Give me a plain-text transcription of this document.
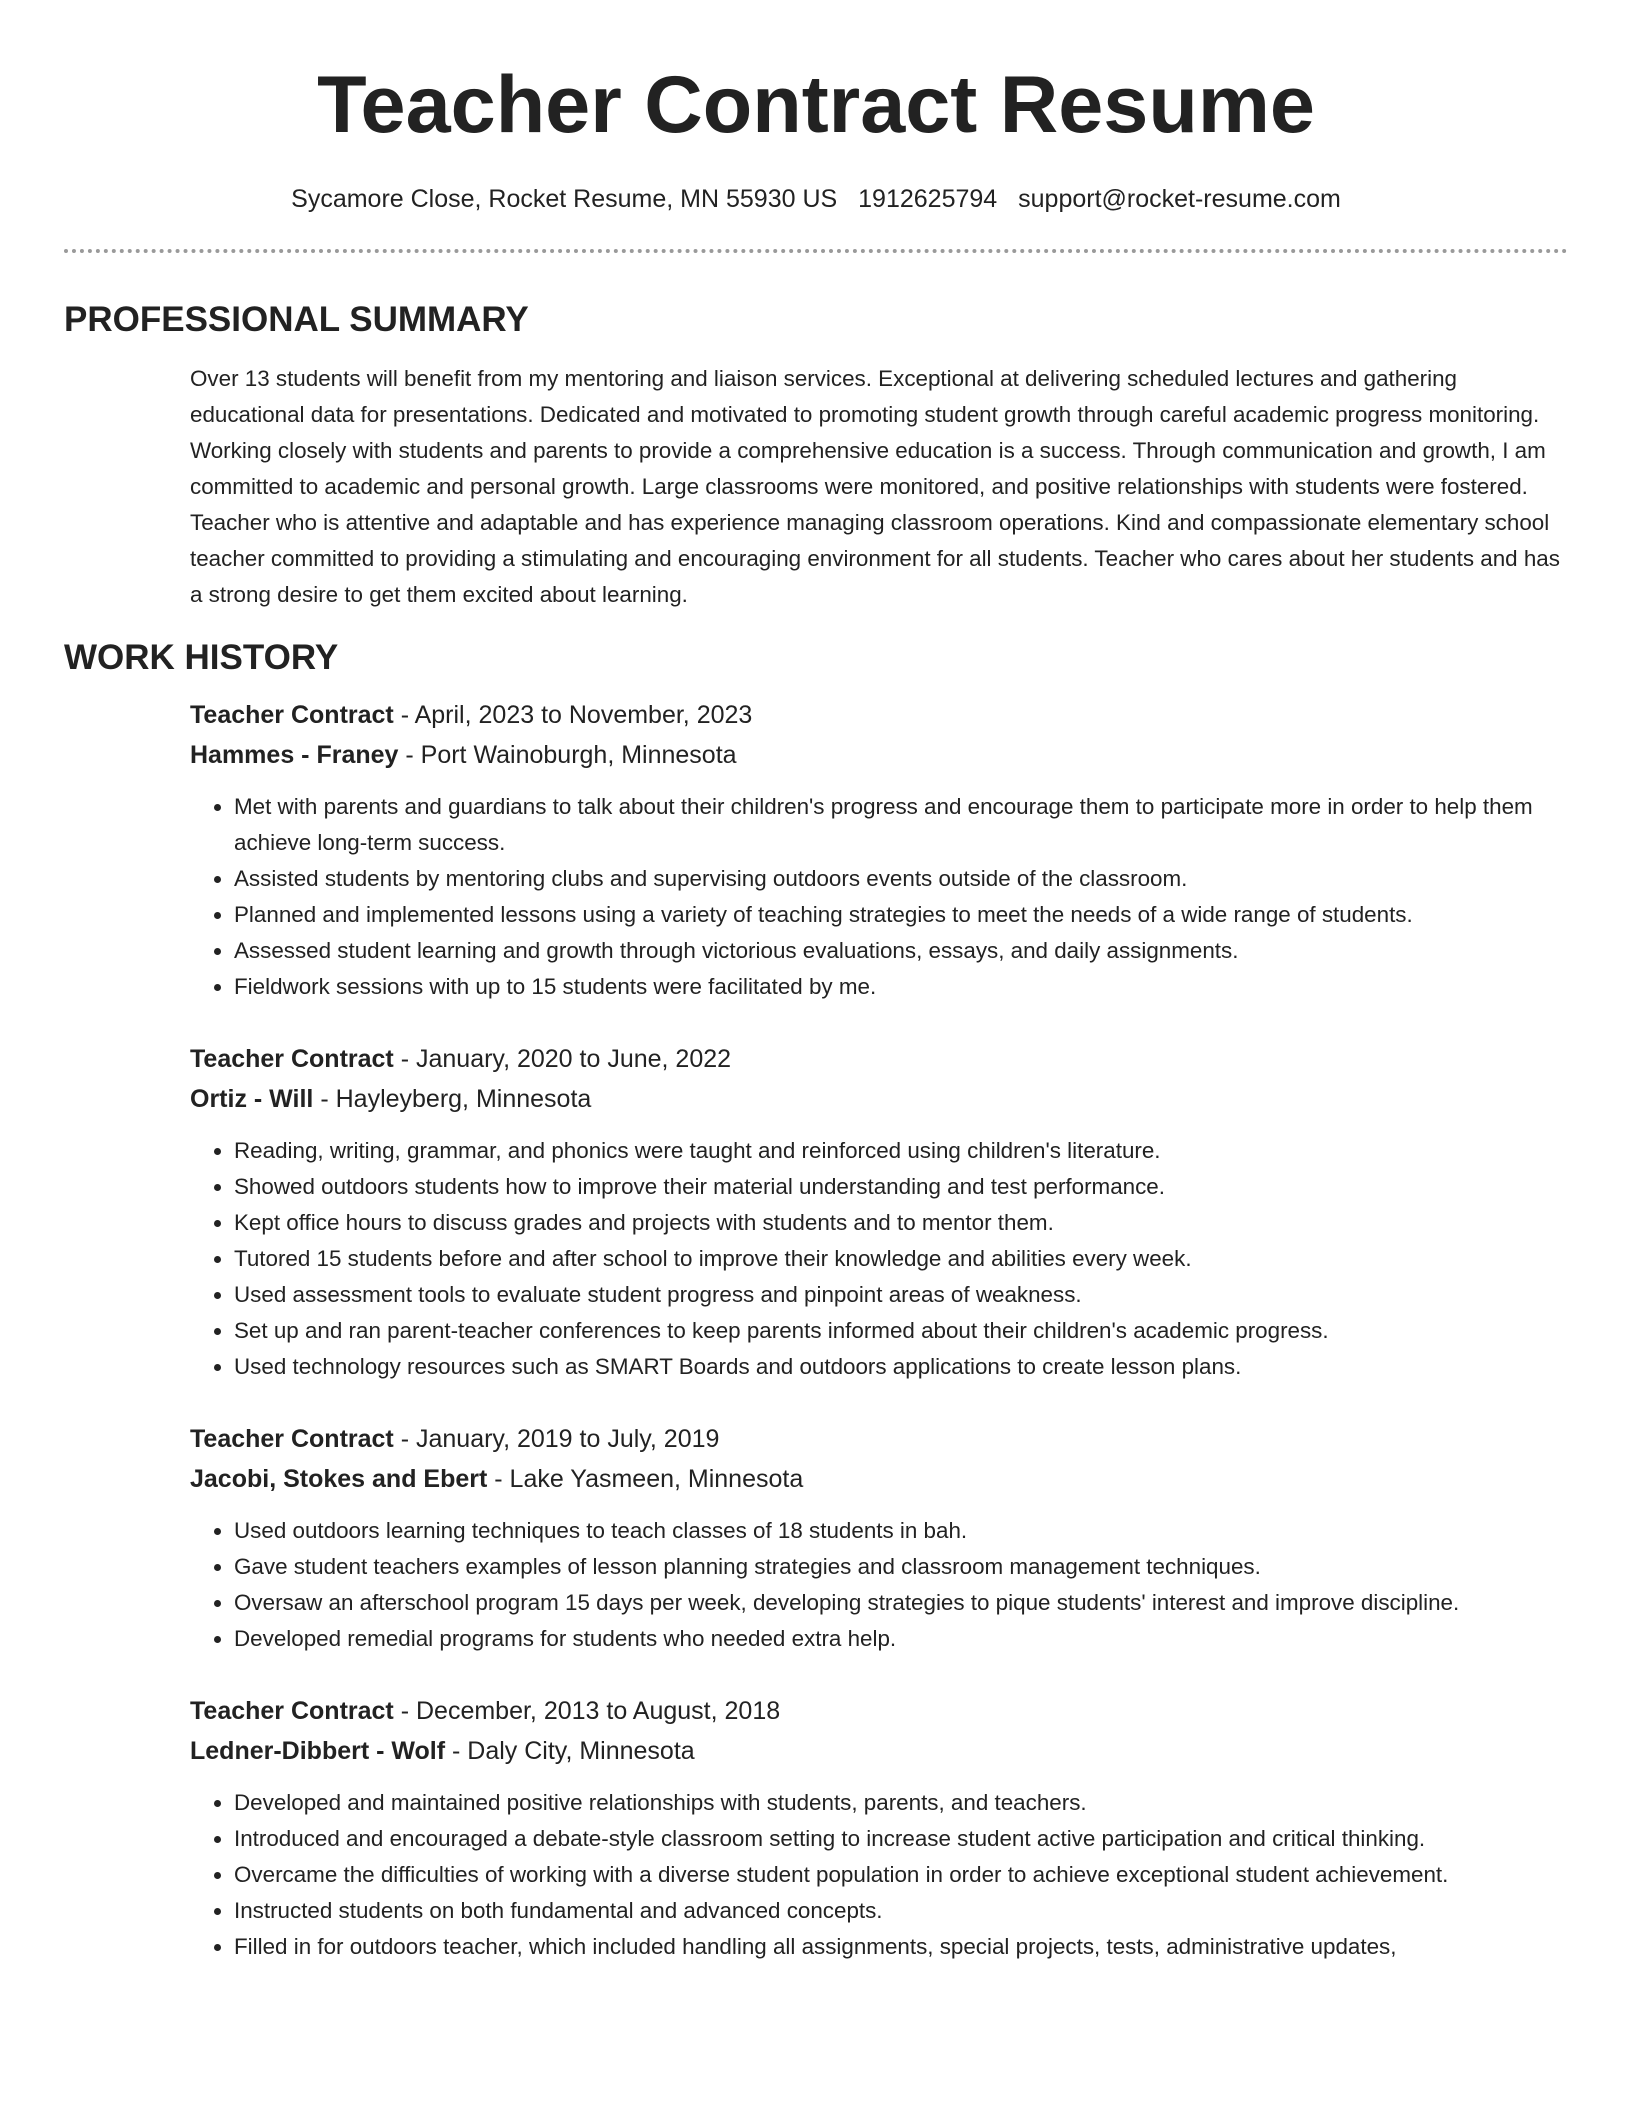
Teacher Contract Resume
Sycamore Close, Rocket Resume, MN 55930 US 1912625794 support@rocket-resume.com
PROFESSIONAL SUMMARY

Over 13 students will benefit from my mentoring and liaison services. Exceptional at delivering scheduled lectures and gathering educational data for presentations. Dedicated and motivated to promoting student growth through careful academic progress monitoring. Working closely with students and parents to provide a comprehensive education is a success. Through communication and growth, I am committed to academic and personal growth. Large classrooms were monitored, and positive relationships with students were fostered. Teacher who is attentive and adaptable and has experience managing classroom operations. Kind and compassionate elementary school teacher committed to providing a stimulating and encouraging environment for all students. Teacher who cares about her students and has a strong desire to get them excited about learning.

WORK HISTORY
Teacher Contract - April, 2023 to November, 2023
Hammes - Franey - Port Wainoburgh, Minnesota
• Met with parents and guardians to talk about their children's progress and encourage them to participate more in order to help them achieve long-term success.
• Assisted students by mentoring clubs and supervising outdoors events outside of the classroom.
• Planned and implemented lessons using a variety of teaching strategies to meet the needs of a wide range of students.
• Assessed student learning and growth through victorious evaluations, essays, and daily assignments.
• Fieldwork sessions with up to 15 students were facilitated by me.
Teacher Contract - January, 2020 to June, 2022
Ortiz - Will - Hayleyberg, Minnesota
• Reading, writing, grammar, and phonics were taught and reinforced using children's literature.
• Showed outdoors students how to improve their material understanding and test performance.
• Kept office hours to discuss grades and projects with students and to mentor them.
• Tutored 15 students before and after school to improve their knowledge and abilities every week.
• Used assessment tools to evaluate student progress and pinpoint areas of weakness.
• Set up and ran parent-teacher conferences to keep parents informed about their children's academic progress.
• Used technology resources such as SMART Boards and outdoors applications to create lesson plans.
Teacher Contract - January, 2019 to July, 2019
Jacobi, Stokes and Ebert - Lake Yasmeen, Minnesota
• Used outdoors learning techniques to teach classes of 18 students in bah.
• Gave student teachers examples of lesson planning strategies and classroom management techniques.
• Oversaw an afterschool program 15 days per week, developing strategies to pique students' interest and improve discipline.
• Developed remedial programs for students who needed extra help.
Teacher Contract - December, 2013 to August, 2018
Ledner-Dibbert - Wolf - Daly City, Minnesota
• Developed and maintained positive relationships with students, parents, and teachers.
• Introduced and encouraged a debate-style classroom setting to increase student active participation and critical thinking.
• Overcame the difficulties of working with a diverse student population in order to achieve exceptional student achievement.
• Instructed students on both fundamental and advanced concepts.
• Filled in for outdoors teacher, which included handling all assignments, special projects, tests, administrative updates,
